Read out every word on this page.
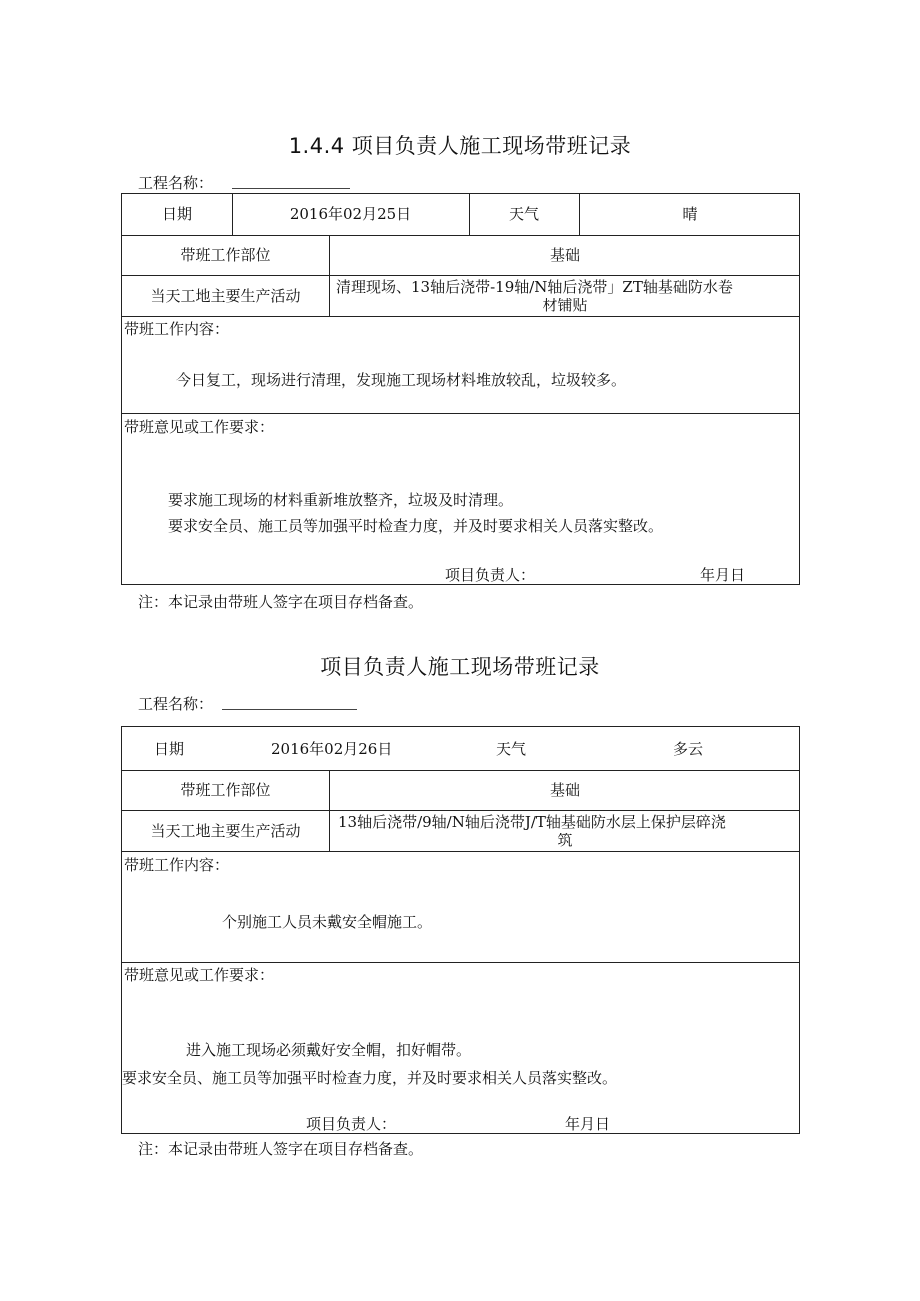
1.4.4 项目负责人施工现场带班记录
工程名称：
日期	2016年02月25日	天气	晴
带班工作部位	基础
当天工地主要生产活动	清理现场、13轴后浇带-19轴/N轴后浇带」ZT轴基础防水卷
材铺贴
带班工作内容：
今日复工，现场进行清理，发现施工现场材料堆放较乱，垃圾较多。
带班意见或工作要求：
要求施工现场的材料重新堆放整齐，垃圾及时清理。
要求安全员、施工员等加强平时检查力度，并及时要求相关人员落实整改。
项目负责人：	年月日
注：本记录由带班人签字在项目存档备查。
项目负责人施工现场带班记录
工程名称：
日期	2016年02月26日	天气	多云
带班工作部位	基础
当天工地主要生产活动	13轴后浇带/9轴/N轴后浇带J/T轴基础防水层上保护层碎浇
筑
带班工作内容：
个别施工人员未戴安全帽施工。
带班意见或工作要求：
进入施工现场必须戴好安全帽，扣好帽带。
要求安全员、施工员等加强平时检查力度，并及时要求相关人员落实整改。
项目负责人：	年月日
注：本记录由带班人签字在项目存档备查。
